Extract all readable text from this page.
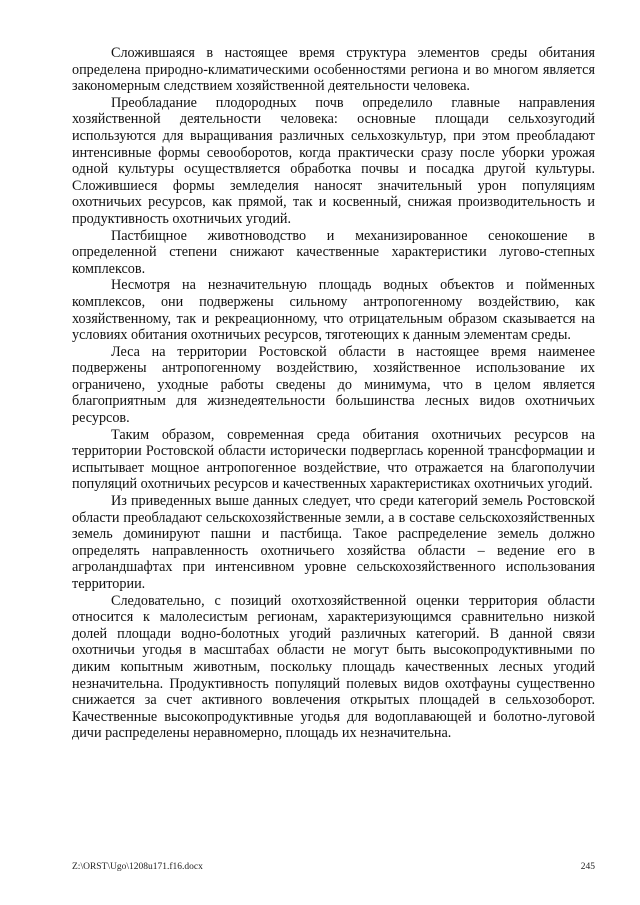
Сложившаяся в настоящее время структура элементов среды обитания определена природно-климатическими особенностями региона и во многом является закономерным следствием хозяйственной деятельности человека.

Преобладание плодородных почв определило главные направления хозяйственной деятельности человека: основные площади сельхозугодий используются для выращивания различных сельхозкультур, при этом преобладают интенсивные формы севооборотов, когда практически сразу после уборки урожая одной культуры осуществляется обработка почвы и посадка другой культуры. Сложившиеся формы земледелия наносят значительный урон популяциям охотничьих ресурсов, как прямой, так и косвенный, снижая производительность и продуктивность охотничьих угодий.

Пастбищное животноводство и механизированное сенокошение в определенной степени снижают качественные характеристики лугово-степных комплексов.

Несмотря на незначительную площадь водных объектов и пойменных комплексов, они подвержены сильному антропогенному воздействию, как хозяйственному, так и рекреационному, что отрицательным образом сказывается на условиях обитания охотничьих ресурсов, тяготеющих к данным элементам среды.

Леса на территории Ростовской области в настоящее время наименее подвержены антропогенному воздействию, хозяйственное использование их ограничено, уходные работы сведены до минимума, что в целом является благоприятным для жизнедеятельности большинства лесных видов охотничьих ресурсов.

Таким образом, современная среда обитания охотничьих ресурсов на территории Ростовской области исторически подверглась коренной трансформации и испытывает мощное антропогенное воздействие, что отражается на благополучии популяций охотничьих ресурсов и качественных характеристиках охотничьих угодий.

Из приведенных выше данных следует, что среди категорий земель Ростовской области преобладают сельскохозяйственные земли, а в составе сельскохозяйственных земель доминируют пашни и пастбища. Такое распределение земель должно определять направленность охотничьего хозяйства области – ведение его в агроландшафтах при интенсивном уровне сельскохозяйственного использования территории.

Следовательно, с позиций охотхозяйственной оценки территория области относится к малолесистым регионам, характеризующимся сравнительно низкой долей площади водно-болотных угодий различных категорий. В данной связи охотничьи угодья в масштабах области не могут быть высокопродуктивными по диким копытным животным, поскольку площадь качественных лесных угодий незначительна. Продуктивность популяций полевых видов охотфауны существенно снижается за счет активного вовлечения открытых площадей в сельхозоборот. Качественные высокопродуктивные угодья для водоплавающей и болотно-луговой дичи распределены неравномерно, площадь их незначительна.

Z:\ORST\Ugo\1208u171.f16.docx	245
